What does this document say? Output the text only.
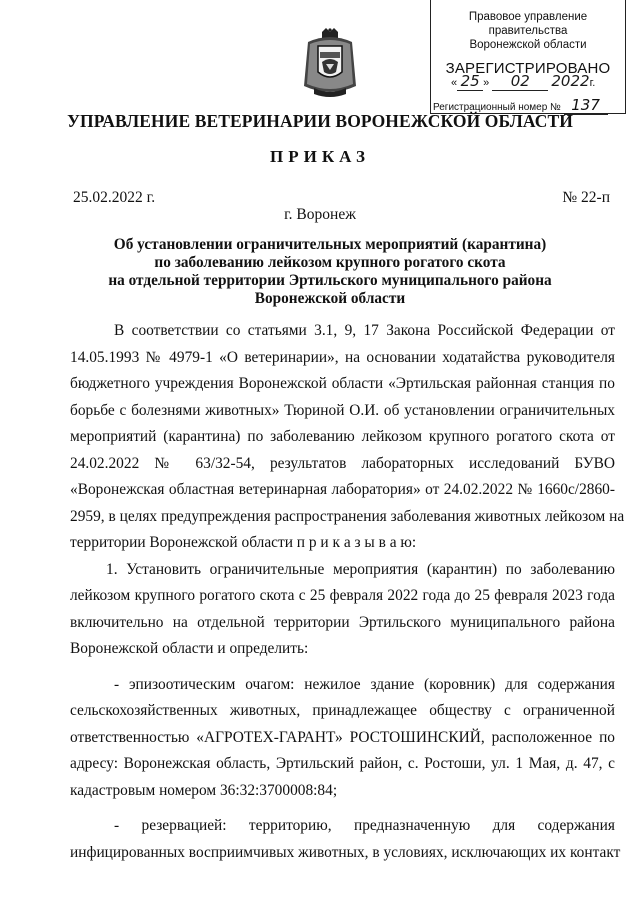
Правовое управление правительства
Воронежской области
ЗАРЕГИСТРИРОВАНО
« 25 » 02 2022г.
Регистрационный номер № 137
УПРАВЛЕНИЕ ВЕТЕРИНАРИИ ВОРОНЕЖСКОЙ ОБЛАСТИ
ПРИКАЗ
25.02.2022 г.	№ 22-п
г. Воронеж
Об установлении ограничительных мероприятий (карантина)
по заболеванию лейкозом крупного рогатого скота
на отдельной территории Эртильского муниципального района
Воронежской области
В соответствии со статьями 3.1, 9, 17 Закона Российской Федерации от
14.05.1993 № 4979-1 «О ветеринарии», на основании ходатайства руководителя
бюджетного учреждения Воронежской области «Эртильская районная станция по
борьбе с болезнями животных» Тюриной О.И. об установлении ограничительных
мероприятий (карантина) по заболеванию лейкозом крупного рогатого скота от
24.02.2022 № 63/32-54, результатов лабораторных исследований БУВО
«Воронежская областная ветеринарная лаборатория» от 24.02.2022 № 1660с/2860-
2959, в целях предупреждения распространения заболевания животных лейкозом на
территории Воронежской области п р и к а з ы в а ю:
1. Установить ограничительные мероприятия (карантин) по заболеванию
лейкозом крупного рогатого скота с 25 февраля 2022 года до 25 февраля 2023 года
включительно на отдельной территории Эртильского муниципального района
Воронежской области и определить:
- эпизоотическим очагом: нежилое здание (коровник) для содержания
сельскохозяйственных животных, принадлежащее обществу с ограниченной
ответственностью «АГРОТЕХ-ГАРАНТ» РОСТОШИНСКИЙ, расположенное по
адресу: Воронежская область, Эртильский район, с. Ростоши, ул. 1 Мая, д. 47, с
кадастровым номером 36:32:3700008:84;
- резервацией: территорию, предназначенную для содержания
инфицированных восприимчивых животных, в условиях, исключающих их контакт
